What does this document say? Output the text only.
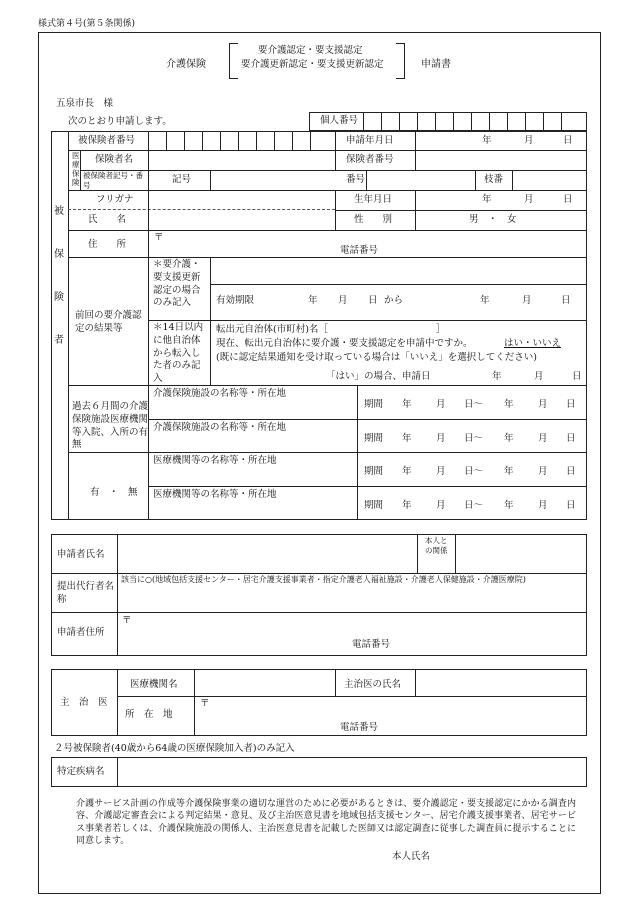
様式第４号(第５条関係)
介護保険
要介護認定・要支援認定
要介護更新認定・要支援更新認定	申請書
五泉市長　様
次のとおり申請します。	個人番号
被
保
険
者
被保険者番号	申請年月日	年	月	日
医
療
保
険
保険者名	保険者番号
被保険者記号・番号
記号	番号	枝番
フリガナ	生年月日	年	月	日
氏　　名	性　　別	男　・　女
住　　所
〒
電話番号
前回の要介護認定の結果等
＊要介護・要支援更新認定の場合のみ記入	有効期限	年 月 日 から	年	月	日
＊14日以内に他自治体から転入した者のみ記入
転出元自治体(市町村)名［	］
現在、転出元自治体に要介護・要支援認定を申請中ですか。	はい・いいえ
(既に認定結果通知を受け取っている場合は「いいえ」を選択してください)
「はい」の場合、申請日	年	月	日
過去６月間の介護保険施設医療機関等入院、入所の有無
有　・　無
介護保険施設の名称等・所在地
期間 年	月 日〜 年	月 日
介護保険施設の名称等・所在地
期間 年	月 日〜 年	月 日
医療機関等の名称等・所在地
期間 年	月 日〜 年	月 日
医療機関等の名称等・所在地
期間 年	月 日〜 年	月 日
申請者氏名
本人との関係
提出代行者名称
該当に○(地域包括支援センター・居宅介護支援事業者・指定介護老人福祉施設・介護老人保健施設・介護医療院)
申請者住所
〒
電話番号
主　治　医
医療機関名	主治医の氏名
所　在　地
〒
電話番号
２号被保険者(40歳から64歳の医療保険加入者)のみ記入
特定疾病名
介護サービス計画の作成等介護保険事業の適切な運営のために必要があるときは、要介護認定・要支援認定にかかる調査内容、介護認定審査会による判定結果・意見、及び主治医意見書を地域包括支援センター、居宅介護支援事業者、居宅サービス事業者若しくは、介護保険施設の関係人、主治医意見書を記載した医師又は認定調査に従事した調査員に提示することに同意します。
本人氏名
